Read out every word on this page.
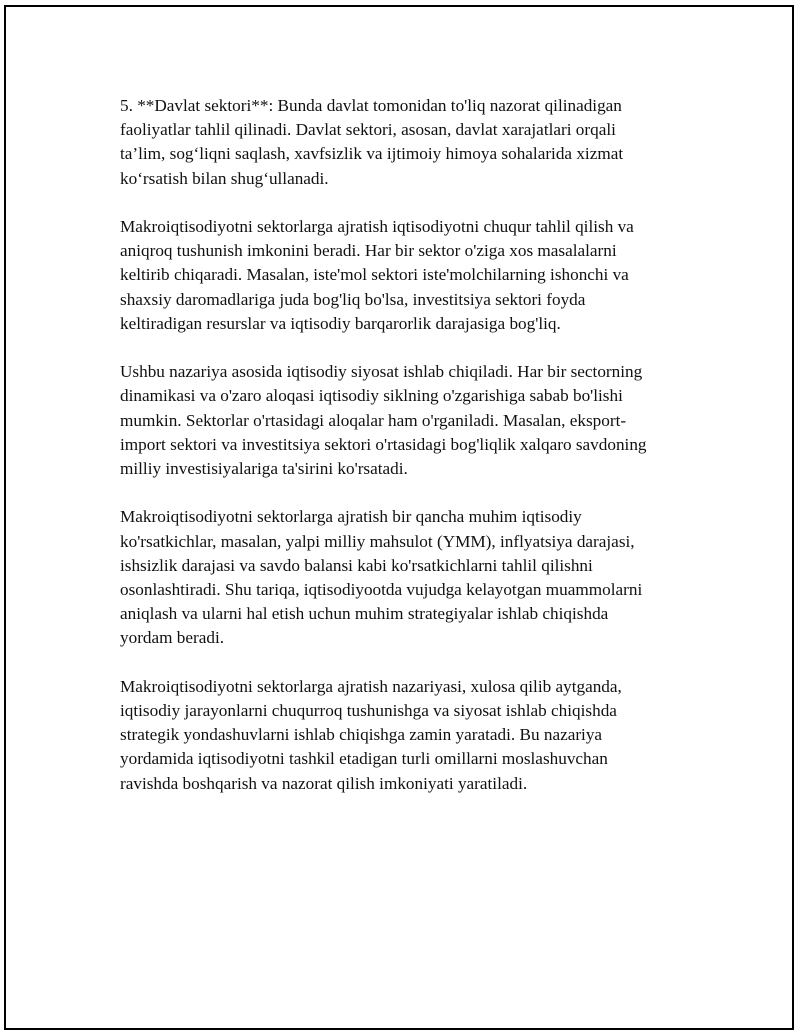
5. **Davlat sektori**: Bunda davlat tomonidan to'liq nazorat qilinadigan
faoliyatlar tahlil qilinadi. Davlat sektori, asosan, davlat xarajatlari orqali
ta’lim, sog‘liqni saqlash, xavfsizlik va ijtimoiy himoya sohalarida xizmat
ko‘rsatish bilan shug‘ullanadi.

Makroiqtisodiyotni sektorlarga ajratish iqtisodiyotni chuqur tahlil qilish va
aniqroq tushunish imkonini beradi. Har bir sektor o'ziga xos masalalarni
keltirib chiqaradi. Masalan, iste'mol sektori iste'molchilarning ishonchi va
shaxsiy daromadlariga juda bog'liq bo'lsa, investitsiya sektori foyda
keltiradigan resurslar va iqtisodiy barqarorlik darajasiga bog'liq.

Ushbu nazariya asosida iqtisodiy siyosat ishlab chiqiladi. Har bir sectorning
dinamikasi va o'zaro aloqasi iqtisodiy siklning o'zgarishiga sabab bo'lishi
mumkin. Sektorlar o'rtasidagi aloqalar ham o'rganiladi. Masalan, eksport-
import sektori va investitsiya sektori o'rtasidagi bog'liqlik xalqaro savdoning
milliy investisiyalariga ta'sirini ko'rsatadi.

Makroiqtisodiyotni sektorlarga ajratish bir qancha muhim iqtisodiy
ko'rsatkichlar, masalan, yalpi milliy mahsulot (YMM), inflyatsiya darajasi,
ishsizlik darajasi va savdo balansi kabi ko'rsatkichlarni tahlil qilishni
osonlashtiradi. Shu tariqa, iqtisodiyootda vujudga kelayotgan muammolarni
aniqlash va ularni hal etish uchun muhim strategiyalar ishlab chiqishda
yordam beradi.

Makroiqtisodiyotni sektorlarga ajratish nazariyasi, xulosa qilib aytganda,
iqtisodiy jarayonlarni chuqurroq tushunishga va siyosat ishlab chiqishda
strategik yondashuvlarni ishlab chiqishga zamin yaratadi. Bu nazariya
yordamida iqtisodiyotni tashkil etadigan turli omillarni moslashuvchan
ravishda boshqarish va nazorat qilish imkoniyati yaratiladi.
